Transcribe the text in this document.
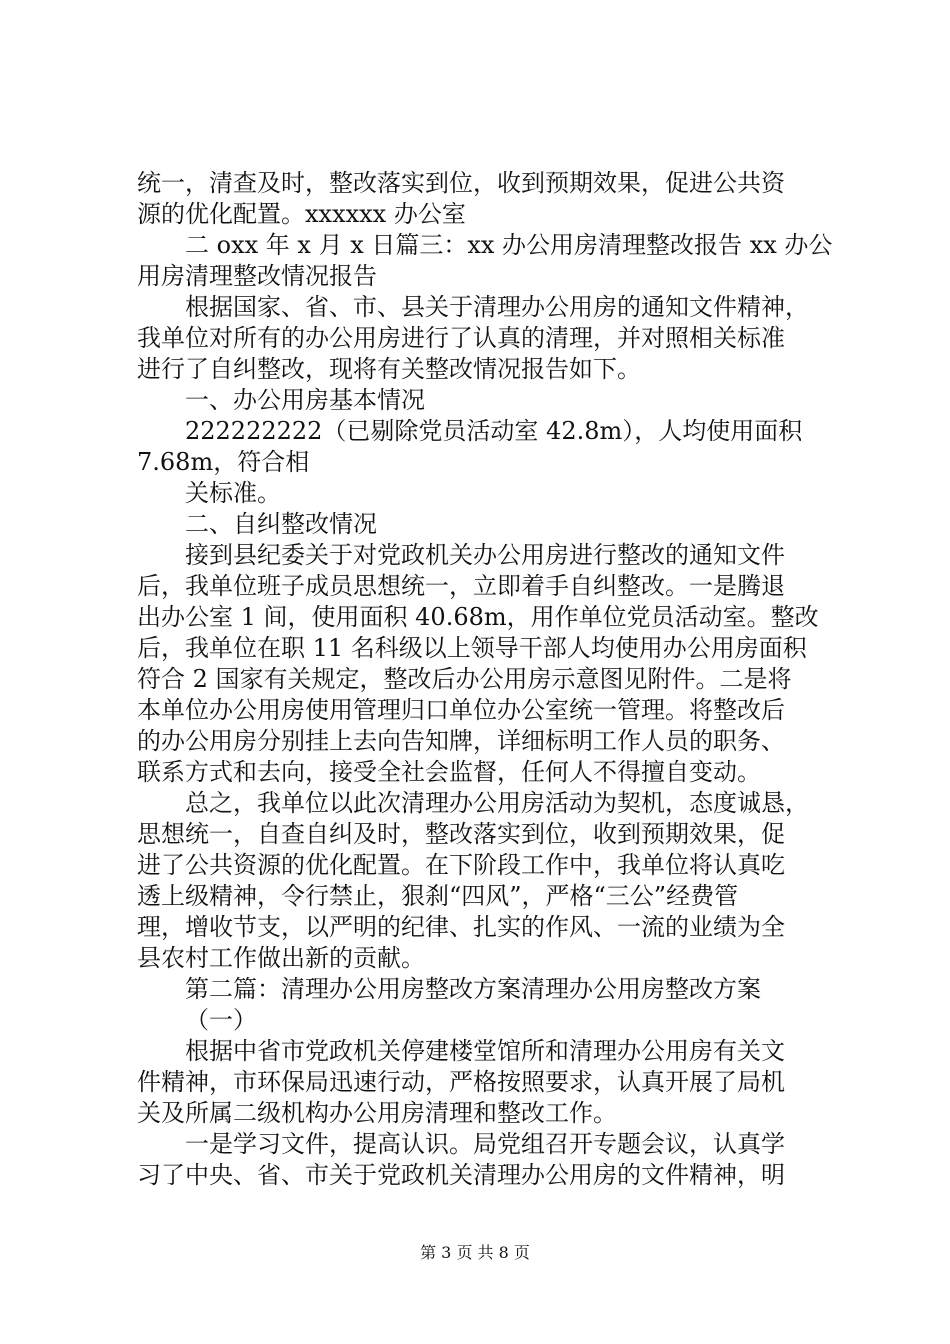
统一，清查及时，整改落实到位，收到预期效果，促进公共资
源的优化配置。xxxxxx 办公室
二 oxx 年 x 月 x 日篇三：xx 办公用房清理整改报告 xx 办公
用房清理整改情况报告
根据国家、省、市、县关于清理办公用房的通知文件精神，
我单位对所有的办公用房进行了认真的清理，并对照相关标准
进行了自纠整改，现将有关整改情况报告如下。
一、办公用房基本情况
222222222（已剔除党员活动室 42.8m），人均使用面积
7.68m，符合相
关标准。
二、自纠整改情况
接到县纪委关于对党政机关办公用房进行整改的通知文件
后，我单位班子成员思想统一，立即着手自纠整改。一是腾退
出办公室 1 间，使用面积 40.68m，用作单位党员活动室。整改
后，我单位在职 11 名科级以上领导干部人均使用办公用房面积
符合 2 国家有关规定，整改后办公用房示意图见附件。二是将
本单位办公用房使用管理归口单位办公室统一管理。将整改后
的办公用房分别挂上去向告知牌，详细标明工作人员的职务、
联系方式和去向，接受全社会监督，任何人不得擅自变动。
总之，我单位以此次清理办公用房活动为契机，态度诚恳，
思想统一，自查自纠及时，整改落实到位，收到预期效果，促
进了公共资源的优化配置。在下阶段工作中，我单位将认真吃
透上级精神，令行禁止，狠刹“四风”，严格“三公”经费管
理，增收节支，以严明的纪律、扎实的作风、一流的业绩为全
县农村工作做出新的贡献。
第二篇：清理办公用房整改方案清理办公用房整改方案
（一）
根据中省市党政机关停建楼堂馆所和清理办公用房有关文
件精神，市环保局迅速行动，严格按照要求，认真开展了局机
关及所属二级机构办公用房清理和整改工作。
一是学习文件，提高认识。局党组召开专题会议，认真学
习了中央、省、市关于党政机关清理办公用房的文件精神，明
第 3 页 共 8 页
